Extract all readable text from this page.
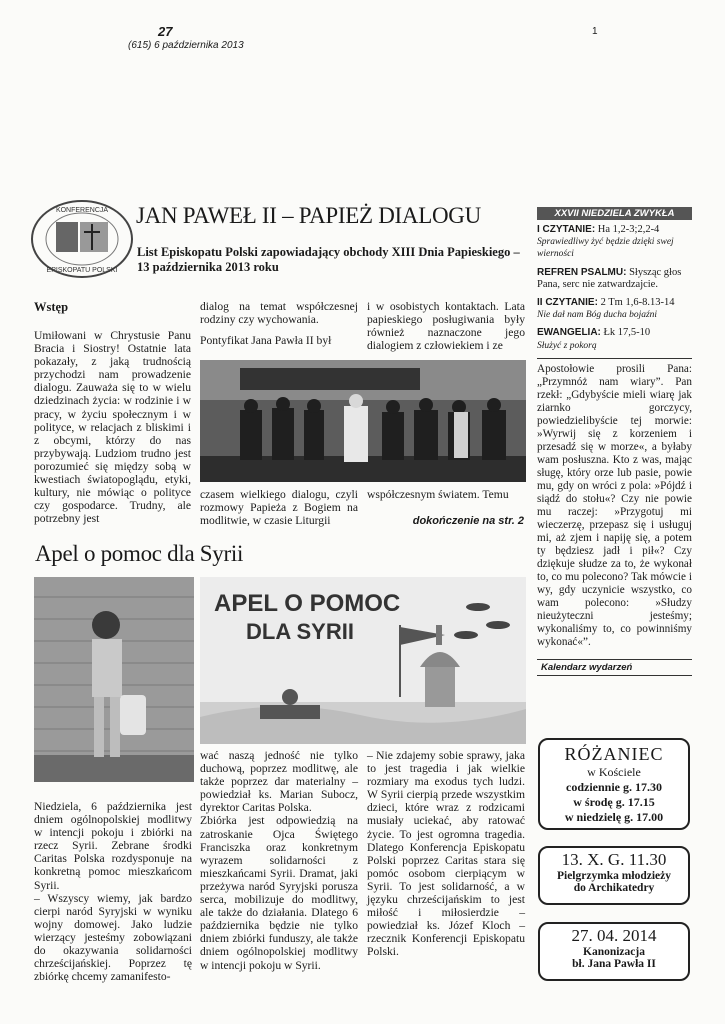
27
(615) 6 października 2013
1
KONFERENCJA
EPISKOPATU POLSKI
JAN PAWEŁ II – PAPIEŻ DIALOGU
List Episkopatu Polski zapowiadający obchody XIII Dnia Papieskiego – 13 października 2013 roku
Wstęp

Umiłowani w Chrystusie Panu Bracia i Siostry! Ostatnie lata pokazały, z jaką trudnością przychodzi nam prowadzenie dialogu. Zauważa się to w wielu dziedzinach życia: w rodzinie i w pracy, w życiu społecznym i w polityce, w relacjach z bliskimi i z obcymi, którzy do nas przybywają. Ludziom trudno jest porozumieć się między sobą w kwestiach światopoglądu, etyki, kultury, nie mówiąc o polityce czy gospodarce. Trudny, ale potrzebny jest

dialog na temat współczesnej rodziny czy wychowania.

Pontyfikat Jana Pawła II był

i w osobistych kontaktach. Lata papieskiego posługiwania były również naznaczone jego dialogiem z człowiekiem i ze

czasem wielkiego dialogu, czyli rozmowy Papieża z Bogiem na modlitwie, w czasie Liturgii

współczesnym światem. Temu

dokończenie na str. 2
Apel o pomoc dla Syrii
APEL O POMOC
DLA SYRII

Niedziela, 6 października jest dniem ogólnopolskiej modlitwy w intencji pokoju i zbiórki na rzecz Syrii. Zebrane środki Caritas Polska rozdysponuje na konkretną pomoc mieszkańcom Syrii.

– Wszyscy wiemy, jak bardzo cierpi naród Syryjski w wyniku wojny domowej. Jako ludzie wierzący jesteśmy zobowiązani do okazywania solidarności chrześcijańskiej. Poprzez tę zbiórkę chcemy zamanifesto-

wać naszą jedność nie tylko duchową, poprzez modlitwę, ale także poprzez dar materialny – powiedział ks. Marian Subocz, dyrektor Caritas Polska.

Zbiórka jest odpowiedzią na zatroskanie Ojca Świętego Franciszka oraz konkretnym wyrazem solidarności z mieszkańcami Syrii. Dramat, jaki przeżywa naród Syryjski porusza serca, mobilizuje do modlitwy, ale także do działania. Dlatego 6 października będzie nie tylko dniem zbiórki funduszy, ale także dniem ogólnopolskiej modlitwy w intencji pokoju w Syrii.

– Nie zdajemy sobie sprawy, jaka to jest tragedia i jak wielkie rozmiary ma exodus tych ludzi. W Syrii cierpią przede wszystkim dzieci, które wraz z rodzicami musiały uciekać, aby ratować życie. To jest ogromna tragedia. Dlatego Konferencja Episkopatu Polski poprzez Caritas stara się pomóc osobom cierpiącym w Syrii. To jest solidarność, a w języku chrześcijańskim to jest miłość i miłosierdzie – powiedział ks. Józef Kloch – rzecznik Konferencji Episkopatu Polski.

XXVII NIEDZIELA ZWYKŁA
I CZYTANIE: Ha 1,2-3;2,2-4
Sprawiedliwy żyć będzie dzięki swej wierności
REFREN PSALMU: Słysząc głos Pana, serc nie zatwardzajcie.
II CZYTANIE: 2 Tm 1,6-8.13-14
Nie dał nam Bóg ducha bojaźni
EWANGELIA: Łk 17,5-10
Służyć z pokorą
Apostołowie prosili Pana: „Przymnóż nam wiary”. Pan rzekł: „Gdybyście mieli wiarę jak ziarnko gorczycy, powiedzielibyście tej morwie: »Wyrwij się z korzeniem i przesadź się w morze«, a byłaby wam posłuszna. Kto z was, mając sługę, który orze lub pasie, powie mu, gdy on wróci z pola: »Pójdź i siądź do stołu«? Czy nie powie mu raczej: »Przygotuj mi wieczerzę, przepasz się i usługuj mi, aż zjem i napiję się, a potem ty będziesz jadł i pił«? Czy dziękuje słudze za to, że wykonał to, co mu polecono? Tak mówcie i wy, gdy uczynicie wszystko, co wam polecono: »Słudzy nieużyteczni jesteśmy; wykonaliśmy to, co powinniśmy wykonać«”.
Kalendarz wydarzeń
RÓŻANIEC
w Kościele
codziennie g. 17.30
w środę g. 17.15
w niedzielę g. 17.00
13. X. G. 11.30
Pielgrzymka młodzieży
do Archikatedry
27. 04. 2014
Kanonizacja
bł. Jana Pawła II
